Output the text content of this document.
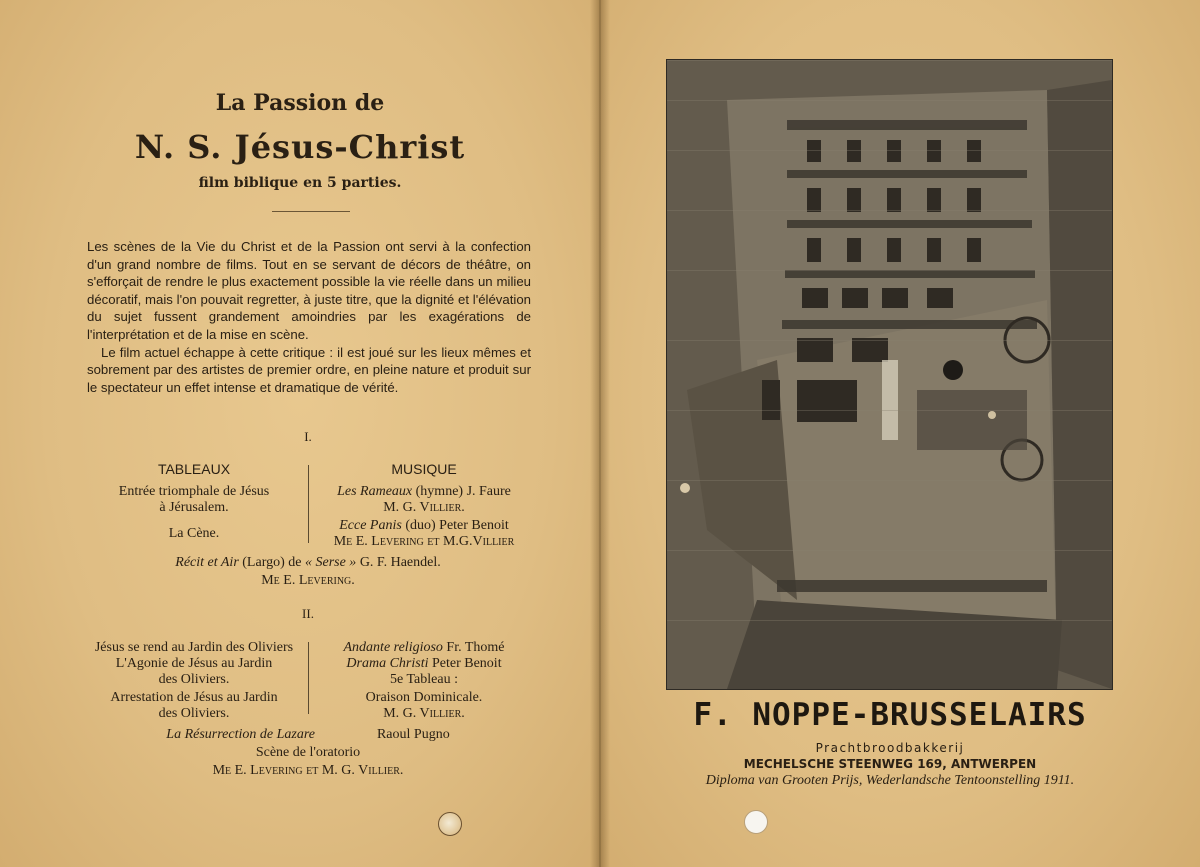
La Passion de
N. S. Jésus-Christ
film biblique en 5 parties.

Les scènes de la Vie du Christ et de la Passion ont servi à la confection d'un grand nombre de films. Tout en se servant de décors de théâtre, on s'efforçait de rendre le plus exactement possible la vie réelle dans un milieu décoratif, mais l'on pouvait regretter, à juste titre, que la dignité et l'élévation du sujet fussent grandement amoindries par les exagérations de l'interprétation et de la mise en scène.

Le film actuel échappe à cette critique : il est joué sur les lieux mêmes et sobrement par des artistes de premier ordre, en pleine nature et produit sur le spectateur un effet intense et dramatique de vérité.

I.
TABLEAUX
Entrée triomphale de Jésus
à Jérusalem.
La Cène.
MUSIQUE
Les Rameaux (hymne) J. Faure
M. G. Villier.
Ecce Panis (duo) Peter Benoit
Me E. Levering et M.G.Villier
Récit et Air (Largo) de « Serse » G. F. Haendel.
Me E. Levering.
II.
Jésus se rend au Jardin des Oliviers
L'Agonie de Jésus au Jardin
des Oliviers.
Arrestation de Jésus au Jardin
des Oliviers.
Andante religioso Fr. Thomé
Drama Christi Peter Benoit
5e Tableau :
Oraison Dominicale.
M. G. Villier.
La Résurrection de Lazare	Raoul Pugno
Scène de l'oratorio
Me E. Levering et M. G. Villier.
F. NOPPE-BRUSSELAIRS
Prachtbroodbakkerij
MECHELSCHE STEENWEG 169, ANTWERPEN
Diploma van Grooten Prijs, Wederlandsche Tentoonstelling 1911.
